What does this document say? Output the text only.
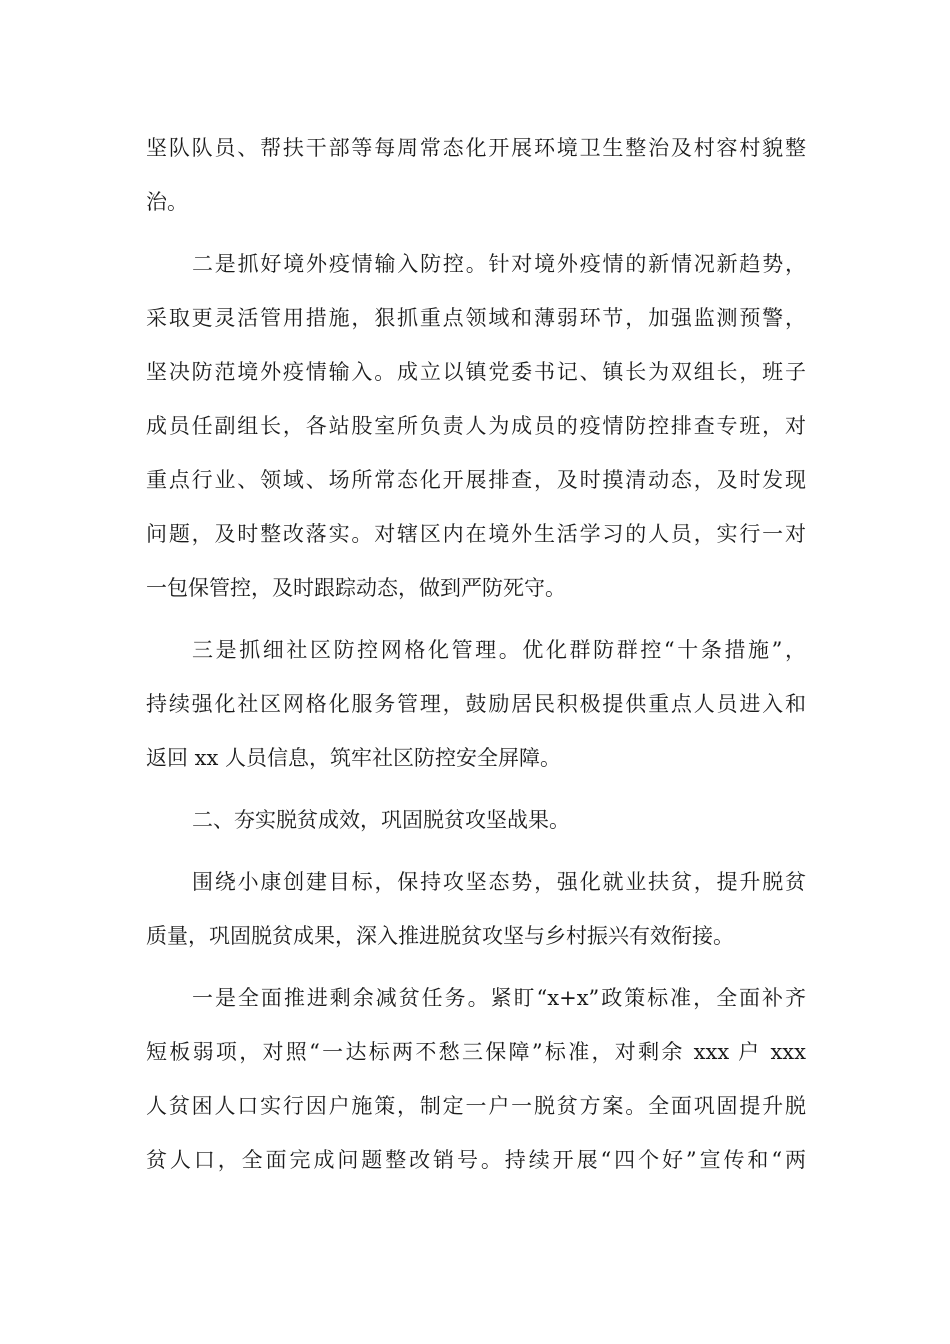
坚队队员、帮扶干部等每周常态化开展环境卫生整治及村容村貌整

治。

二是抓好境外疫情输入防控。针对境外疫情的新情况新趋势，

采取更灵活管用措施，狠抓重点领域和薄弱环节，加强监测预警，

坚决防范境外疫情输入。成立以镇党委书记、镇长为双组长，班子

成员任副组长，各站股室所负责人为成员的疫情防控排查专班，对

重点行业、领域、场所常态化开展排查，及时摸清动态，及时发现

问题，及时整改落实。对辖区内在境外生活学习的人员，实行一对

一包保管控，及时跟踪动态，做到严防死守。

三是抓细社区防控网格化管理。优化群防群控“十条措施”，

持续强化社区网格化服务管理，鼓励居民积极提供重点人员进入和

返回 xx 人员信息，筑牢社区防控安全屏障。

二、夯实脱贫成效，巩固脱贫攻坚战果。

围绕小康创建目标，保持攻坚态势，强化就业扶贫，提升脱贫

质量，巩固脱贫成果，深入推进脱贫攻坚与乡村振兴有效衔接。

一是全面推进剩余减贫任务。紧盯“x+x”政策标准，全面补齐

短板弱项，对照“一达标两不愁三保障”标准，对剩余 xxx 户 xxx

人贫困人口实行因户施策，制定一户一脱贫方案。全面巩固提升脱

贫人口，全面完成问题整改销号。持续开展“四个好”宣传和“两
